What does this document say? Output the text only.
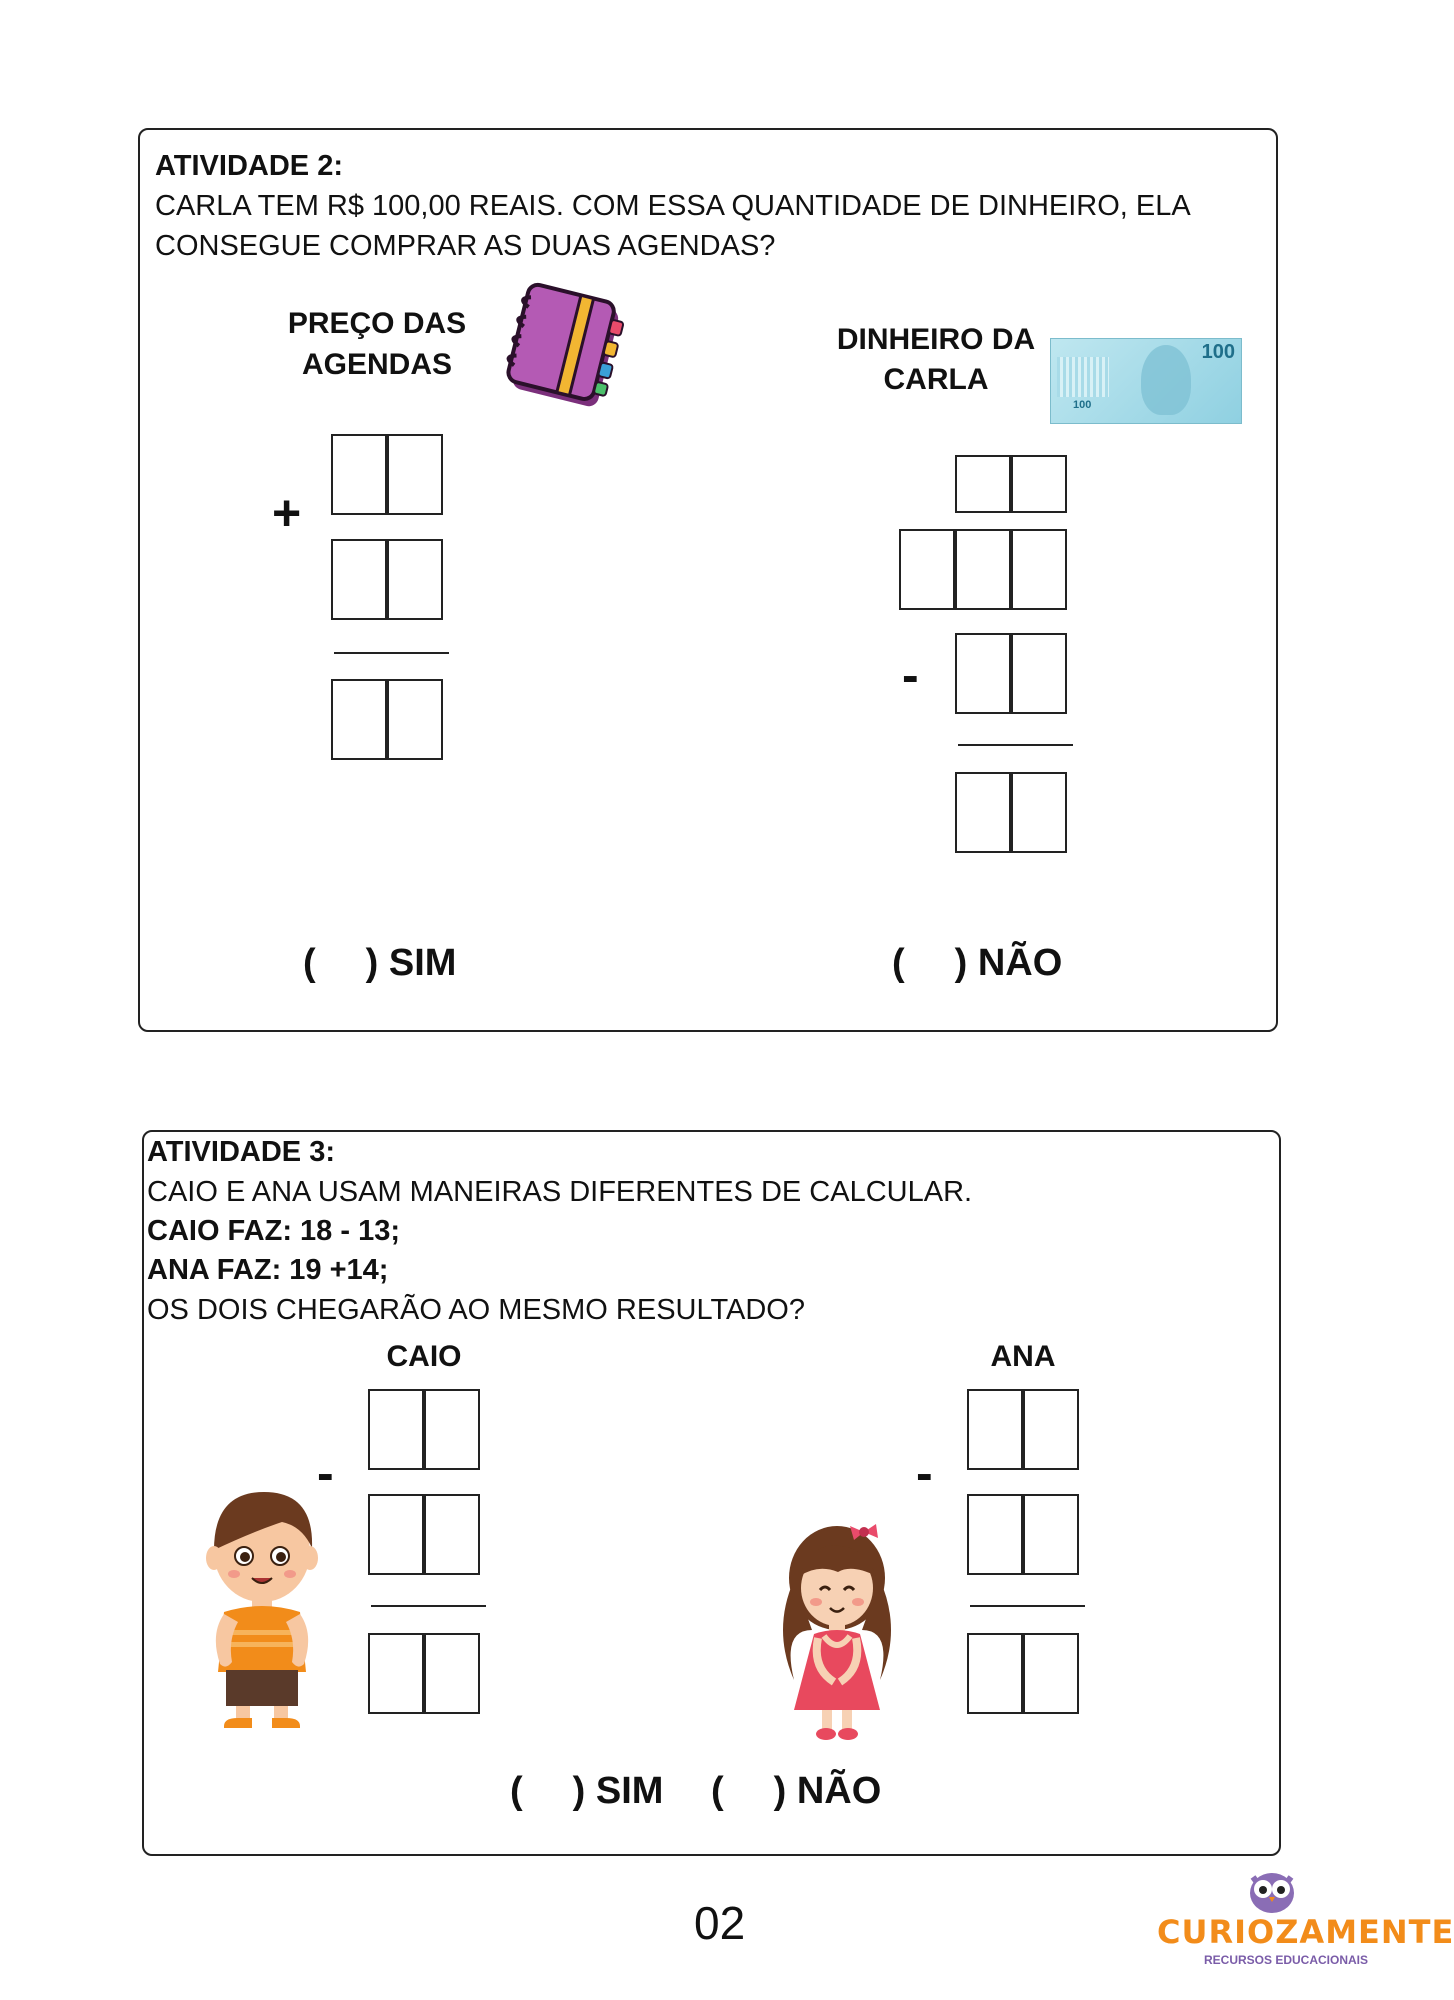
ATIVIDADE 2:
CARLA TEM R$ 100,00 REAIS. COM ESSA QUANTIDADE DE DINHEIRO, ELA
CONSEGUE COMPRAR AS DUAS AGENDAS?
PREÇO DAS
AGENDAS
DINHEIRO DA
CARLA
100
100
+
-
( ) SIM	( ) NÃO
ATIVIDADE 3:
CAIO E ANA USAM MANEIRAS DIFERENTES DE CALCULAR.
CAIO FAZ: 18 - 13;
ANA FAZ: 19 +14;
OS DOIS CHEGARÃO AO MESMO RESULTADO?
CAIO	ANA
-	-
( ) SIM ( ) NÃO
02	CURIOZAMENTE
RECURSOS EDUCACIONAIS
